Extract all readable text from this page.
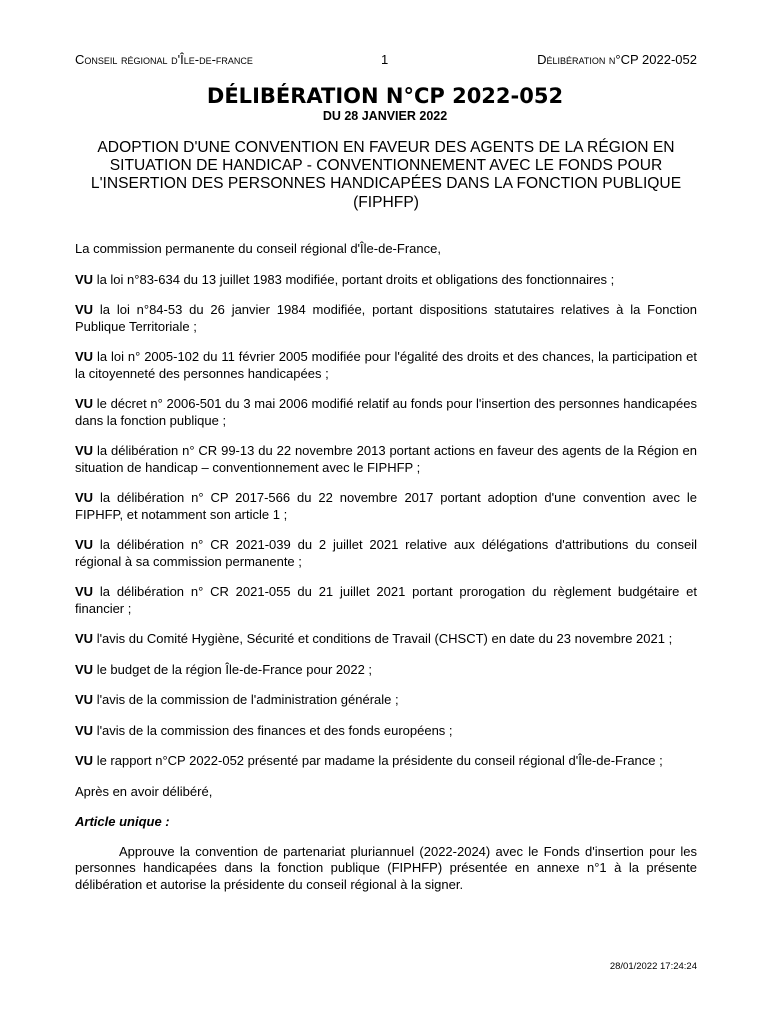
Conseil régional d'Île-de-france	1	Délibération n°CP 2022-052
DÉLIBÉRATION N°CP 2022-052
DU 28 JANVIER 2022
ADOPTION D'UNE CONVENTION EN FAVEUR DES AGENTS DE LA RÉGION EN SITUATION DE HANDICAP - CONVENTIONNEMENT AVEC LE FONDS POUR L'INSERTION DES PERSONNES HANDICAPÉES DANS LA FONCTION PUBLIQUE (FIPHFP)

La commission permanente du conseil régional d'Île-de-France,

VU la loi n°83-634 du 13 juillet 1983 modifiée, portant droits et obligations des fonctionnaires ;

VU la loi n°84-53 du 26 janvier 1984 modifiée, portant dispositions statutaires relatives à la Fonction Publique Territoriale ;

VU la loi n° 2005-102 du 11 février 2005 modifiée pour l'égalité des droits et des chances, la participation et la citoyenneté des personnes handicapées ;

VU le décret n° 2006-501 du 3 mai 2006 modifié relatif au fonds pour l'insertion des personnes handicapées dans la fonction publique ;

VU la délibération n° CR 99-13 du 22 novembre 2013 portant actions en faveur des agents de la Région en situation de handicap – conventionnement avec le FIPHFP ;

VU la délibération n° CP 2017-566 du 22 novembre 2017 portant adoption d'une convention avec le FIPHFP, et notamment son article 1 ;

VU la délibération n° CR 2021-039 du 2 juillet 2021 relative aux délégations d'attributions du conseil régional à sa commission permanente ;

VU la délibération n° CR 2021-055 du 21 juillet 2021 portant prorogation du règlement budgétaire et financier ;

VU l'avis du Comité Hygiène, Sécurité et conditions de Travail (CHSCT) en date du 23 novembre 2021 ;

VU le budget de la région Île-de-France pour 2022 ;

VU l'avis de la commission de l'administration générale ;

VU l'avis de la commission des finances et des fonds européens ;

VU le rapport n°CP 2022-052 présenté par madame la présidente du conseil régional d'Île-de-France ;

Après en avoir délibéré,

Article unique :

Approuve la convention de partenariat pluriannuel (2022-2024) avec le Fonds d'insertion pour les personnes handicapées dans la fonction publique (FIPHFP) présentée en annexe n°1 à la présente délibération et autorise la présidente du conseil régional à la signer.

28/01/2022 17:24:24
